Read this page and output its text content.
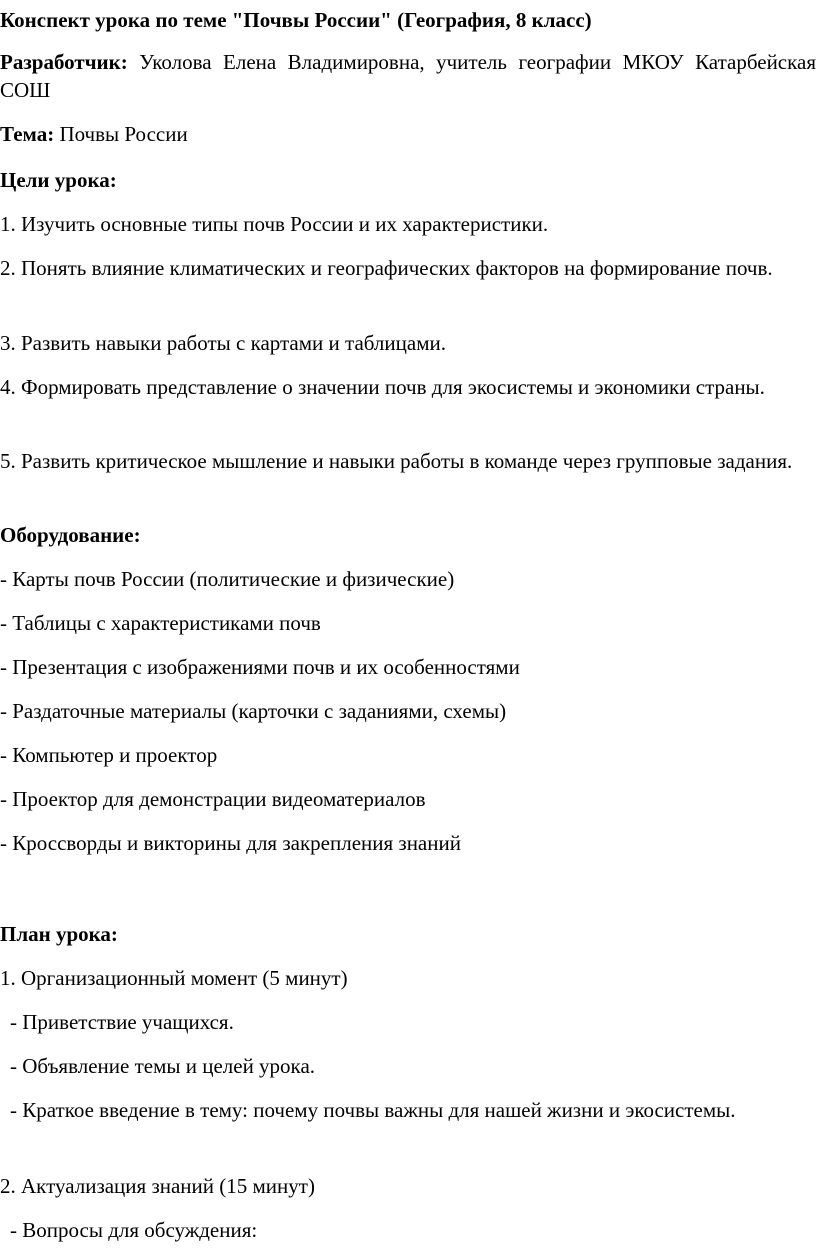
Конспект урока по теме "Почвы России" (География, 8 класс)

Разработчик: Уколова Елена Владимировна, учитель географии МКОУ Катарбейская СОШ

Тема: Почвы России

Цели урока:

1. Изучить основные типы почв России и их характеристики.

2. Понять влияние климатических и географических факторов на формирование почв.

3. Развить навыки работы с картами и таблицами.

4. Формировать представление о значении почв для экосистемы и экономики страны.

5. Развить критическое мышление и навыки работы в команде через групповые задания.

Оборудование:

- Карты почв России (политические и физические)

- Таблицы с характеристиками почв

- Презентация с изображениями почв и их особенностями

- Раздаточные материалы (карточки с заданиями, схемы)

- Компьютер и проектор

- Проектор для демонстрации видеоматериалов

- Кроссворды и викторины для закрепления знаний

План урока:

1. Организационный момент (5 минут)

- Приветствие учащихся.

- Объявление темы и целей урока.

- Краткое введение в тему: почему почвы важны для нашей жизни и экосистемы.

2. Актуализация знаний (15 минут)

- Вопросы для обсуждения:
